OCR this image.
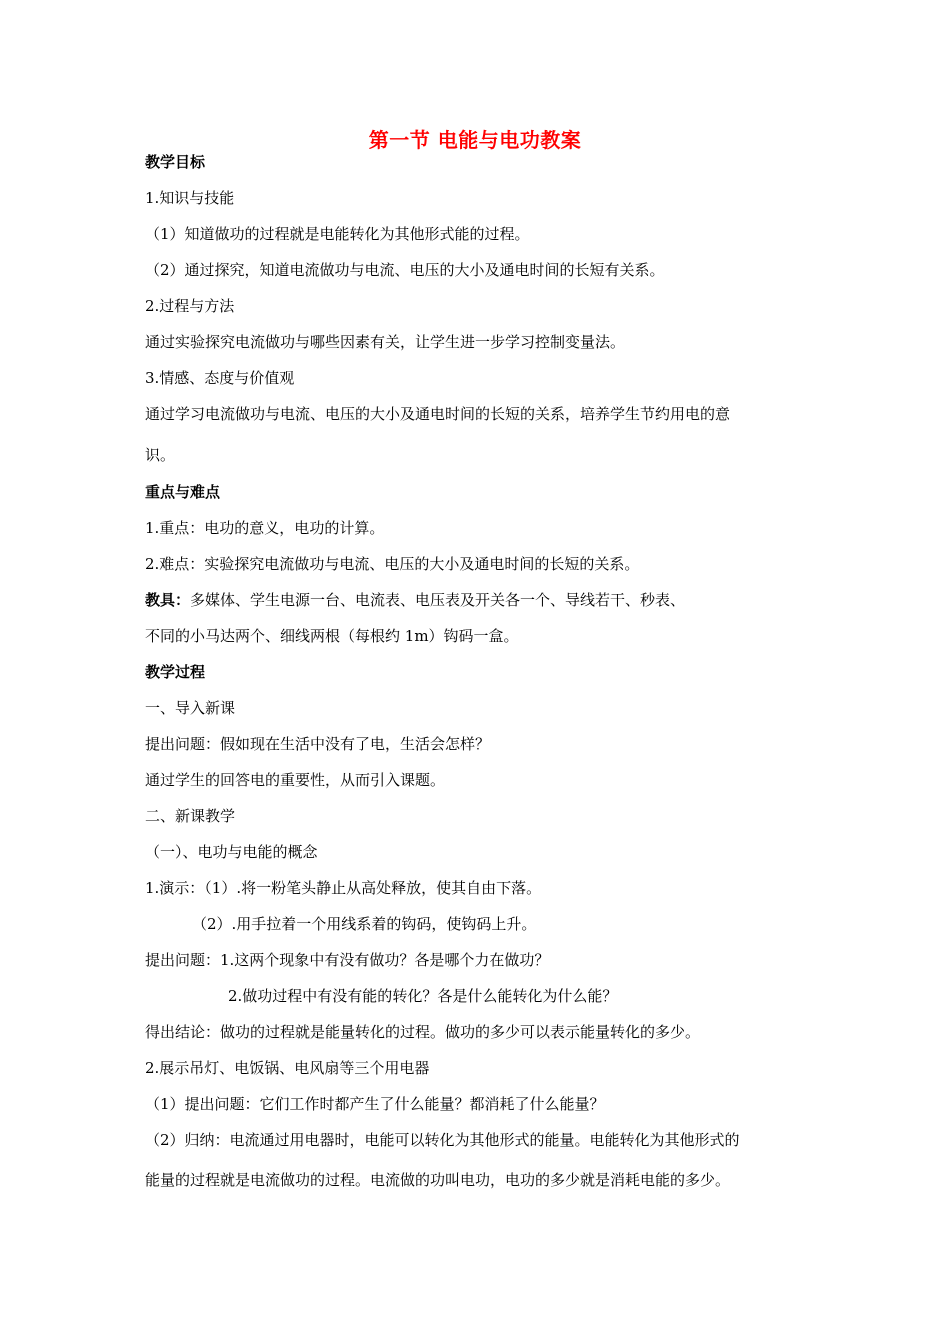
第一节 电能与电功教案
教学目标
1.知识与技能
（1）知道做功的过程就是电能转化为其他形式能的过程。
（2）通过探究，知道电流做功与电流、电压的大小及通电时间的长短有关系。
2.过程与方法
通过实验探究电流做功与哪些因素有关，让学生进一步学习控制变量法。
3.情感、态度与价值观
通过学习电流做功与电流、电压的大小及通电时间的长短的关系，培养学生节约用电的意
识。
重点与难点
1.重点：电功的意义，电功的计算。
2.难点：实验探究电流做功与电流、电压的大小及通电时间的长短的关系。
教具：多媒体、学生电源一台、电流表、电压表及开关各一个、导线若干、秒表、
不同的小马达两个、细线两根（每根约 1m）钩码一盒。
教学过程
一、导入新课
提出问题：假如现在生活中没有了电，生活会怎样？
通过学生的回答电的重要性，从而引入课题。
二、新课教学
（一）、电功与电能的概念
1.演示：（1）.将一粉笔头静止从高处释放，使其自由下落。
（2）.用手拉着一个用线系着的钩码，使钩码上升。
提出问题：1.这两个现象中有没有做功？各是哪个力在做功？
2.做功过程中有没有能的转化？各是什么能转化为什么能？
得出结论：做功的过程就是能量转化的过程。做功的多少可以表示能量转化的多少。
2.展示吊灯、电饭锅、电风扇等三个用电器
（1）提出问题：它们工作时都产生了什么能量？都消耗了什么能量？
（2）归纳：电流通过用电器时，电能可以转化为其他形式的能量。电能转化为其他形式的
能量的过程就是电流做功的过程。电流做的功叫电功，电功的多少就是消耗电能的多少。
